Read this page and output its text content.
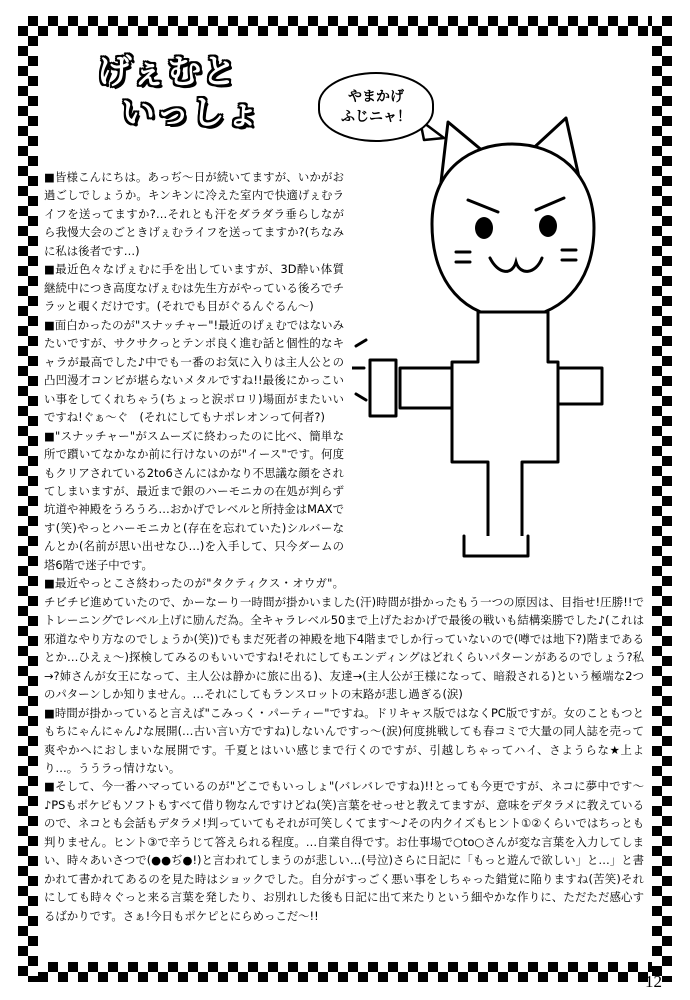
げぇむと
いっしょ	やまかげ
ふじニャ！

■皆様こんにちは。あっぢ～日が続いてますが、いかがお過ごしでしょうか。キンキンに冷えた室内で快適げぇむライフを送ってますか?…それとも汗をダラダラ垂らしながら我慢大会のごときげぇむライフを送ってますか?(ちなみに私は後者です…)

■最近色々なげぇむに手を出していますが、3D酔い体質継続中につき高度なげぇむは先生方がやっている後ろでチラッと覗くだけです。(それでも目がぐるんぐるん～)

■面白かったのが"スナッチャー"!最近のげぇむではないみたいですが、サクサクっとテンポ良く進む話と個性的なキャラが最高でした♪中でも一番のお気に入りは主人公との凸凹漫才コンビが堪らないメタルですね!!最後にかっこいい事をしてくれちゃう(ちょっと涙ポロリ)場面がまたいいですね!ぐぁ～ぐ　(それにしてもナポレオンって何者?)

■"スナッチャー"がスムーズに終わったのに比べ、簡単な所で躓いてなかなか前に行けないのが"イース"です。何度もクリアされている2to6さんにはかなり不思議な顔をされてしまいますが、最近まで銀のハーモニカの在処が判らず坑道や神殿をうろうろ…おかげでレベルと所持金はMAXです(笑)やっとハーモニカと(存在を忘れていた)シルバーなんとか(名前が思い出せなひ…)を入手して、只今ダームの塔6階で迷子中です。

■最近やっとこさ終わったのが"タクティクス・オウガ"。チビチビ進めていたので、かーなーり一時間が掛かいました(汗)時間が掛かったもう一つの原因は、目指せ!圧勝!!でトレーニングでレベル上げに励んだ為。全キャラレベル50まで上げたおかげで最後の戦いも結構楽勝でした♪(これは邪道なやり方なのでしょうか(笑))でもまだ死者の神殿を地下4階までしか行っていないので(噂では地下?)階まであるとか…ひえぇ～)探検してみるのもいいですね!それにしてもエンディングはどれくらいパターンがあるのでしょう?私→?姉さんが女王になって、主人公は静かに旅に出る)、友達→(主人公が王様になって、暗殺される)という極端な2つのパターンしか知りません。…それにしてもランスロットの末路が悲し過ぎる(涙)

■時間が掛かっていると言えば"こみっく・パーティー"ですね。ドリキャス版ではなくPC版ですが。女のこともつともちにゃんにゃん♪な展開(…古い言い方ですね)しないんですっ～(涙)何度挑戦しても春コミで大量の同人誌を売って爽やかへにおしまいな展開です。千夏とはいい感じまで行くのですが、引越しちゃってハイ、さようらな★上より…。ううラっ情けない。

■そして、今一番ハマっているのが"どこでもいっしょ"(バレバレですね)!!とっても今更ですが、ネコに夢中です～♪PSもポケピもソフトもすべて借り物なんですけどね(笑)言葉をせっせと教えてますが、意味をデタラメに教えているので、ネコとも会話もデタラメ!判っていてもそれが可笑しくてます～♪その内クイズもヒント①②くらいではちっとも判りません。ヒント③で辛うじて答えられる程度。…自業自得です。お仕事場で○to○さんが変な言葉を入力してしまい、時々あいさつで(●●ぢ●!)と言われてしまうのが悲しい…(号泣)さらに日記に「もっと遊んで欲しい」と…」と書かれて書かれてあるのを見た時はショックでした。自分がすっごく悪い事をしちゃった錯覚に陥りますね(苦笑)それにしても時々ぐっと来る言葉を発したり、お別れした後も日記に出て来たりという細やかな作りに、ただただ感心するばかりです。さぁ!今日もポケピとにらめっこだ～!!

12
